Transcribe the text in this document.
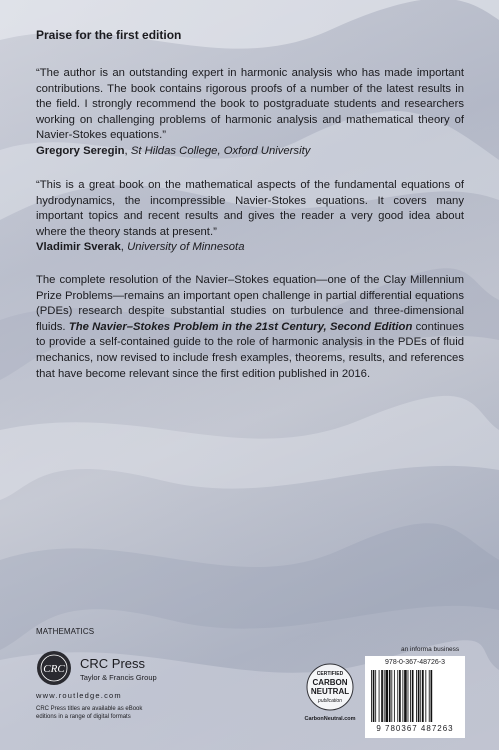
Praise for the first edition

“The author is an outstanding expert in harmonic analysis who has made important contributions. The book contains rigorous proofs of a number of the latest results in the field. I strongly recommend the book to postgraduate students and researchers working on challenging problems of harmonic analysis and mathematical theory of Navier-Stokes equations.”
Gregory Seregin, St Hildas College, Oxford University

“This is a great book on the mathematical aspects of the fundamental equations of hydrodynamics, the incompressible Navier-Stokes equations. It covers many important topics and recent results and gives the reader a very good idea about where the theory stands at present.”
Vladimir Sverak, University of Minnesota

The complete resolution of the Navier–Stokes equation—one of the Clay Millennium Prize Problems—remains an important open challenge in partial differential equations (PDEs) research despite substantial studies on turbulence and three-dimensional fluids. The Navier–Stokes Problem in the 21st Century, Second Edition continues to provide a self-contained guide to the role of harmonic analysis in the PDEs of fluid mechanics, now revised to include fresh examples, theorems, results, and references that have become relevant since the first edition published in 2016.

MATHEMATICS
CRC CRC Press
Taylor & Francis Group
www.routledge.com
CRC Press titles are available as eBook editions in a range of digital formats
an informa business
CERTIFIED
CARBON
NEUTRAL
publication
CarbonNeutral.com
978-0-367-48726-3
9 780367 487263
